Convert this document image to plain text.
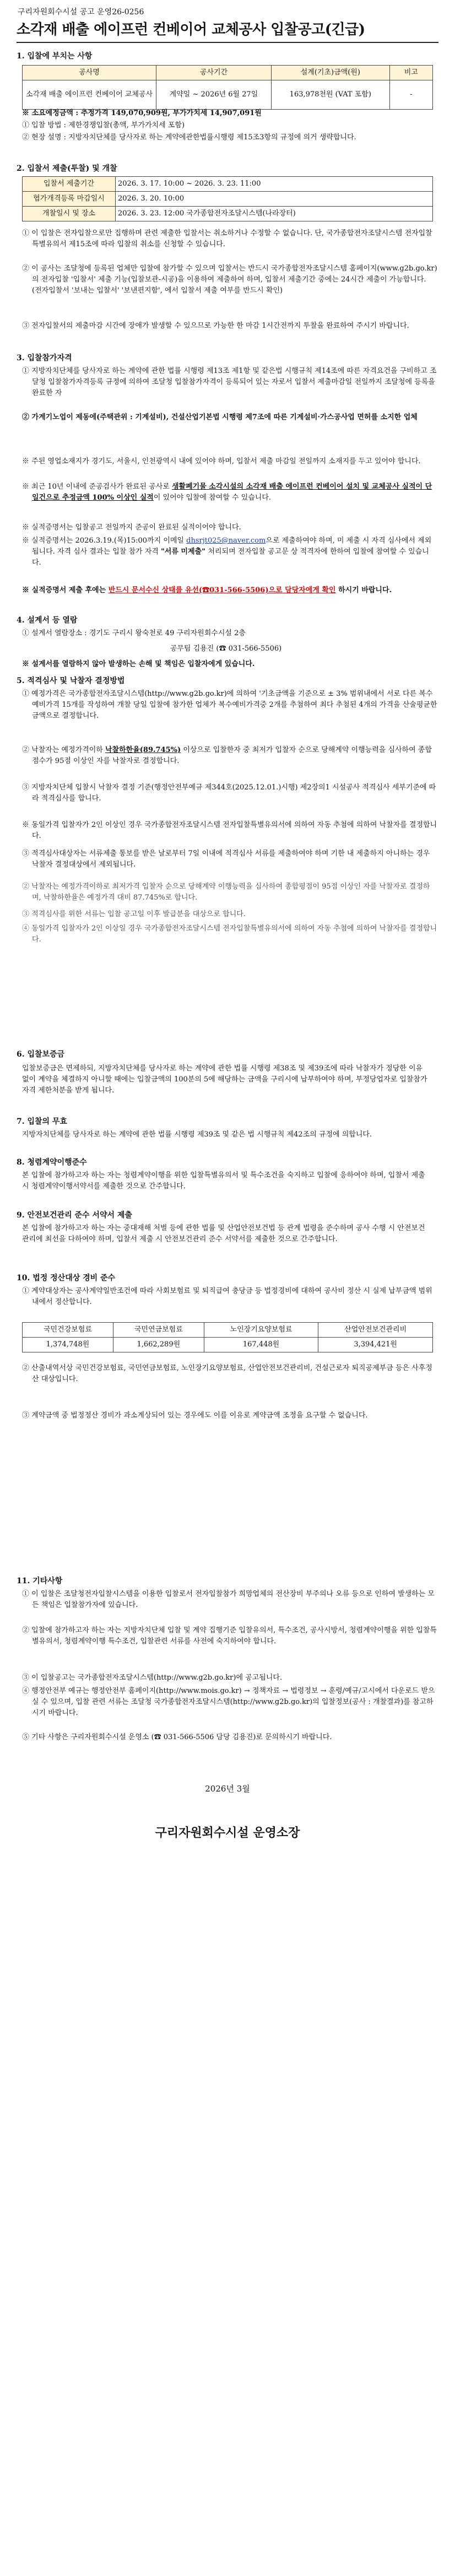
구리자원회수시설 공고 운영26-0256
소각재 배출 에이프런 컨베이어 교체공사 입찰공고(긴급)
1. 입찰에 부치는 사항
공사명	공사기간	설계(기초)금액(원)	비고
소각재 배출 에이프런 컨베이어 교체공사	계약일 ~ 2026년 6월 27일	163,978천원 (VAT 포함)	-
※ 소요예정금액 : 추정가격 149,070,909원, 부가가치세 14,907,091원
① 입찰 방법 : 제한경쟁입찰(총액, 부가가치세 포함)
② 현장 설명 : 지방자치단체를 당사자로 하는 계약에관한법률시행령 제15조3항의 규정에 의거 생략합니다.
2. 입찰서 제출(투찰) 및 개찰
입찰서 제출기간	2026. 3. 17. 10:00 ~ 2026. 3. 23. 11:00
협가개격등록 마감일시	2026. 3. 20. 10:00
개찰일시 및 장소	2026. 3. 23. 12:00 국가종합전자조달시스템(나라장터)
① 이 입찰은 전자입찰으로만 집행하며 관련 제출한 입찰서는 취소하거나 수정할 수 없습니다. 단, 국가종합전자조달시스템 전자입찰 특별유의서 제15조에 따라 입찰의 취소를 신청할 수 있습니다.
② 이 공사는 조달청에 등록된 업체만 입찰에 참가할 수 있으며 입찰서는 반드시 국가종합전자조달시스템 홈페이지(www.g2b.go.kr)의 전자입찰 '입찰서' 제출 기능(입찰보관-시공)을 이용하여 제출하여 하며, 입찰서 제출기간 중에는 24시간 제출이 가능합니다. (전자입찰서 '보내는 입찰서' '보낸편지함', 에서 입찰서 제출 여부를 반드시 확인)
③ 전자입찰서의 제출마감 시간에 장애가 발생할 수 있으므로 가능한 한 마감 1시간전까지 투찰을 완료하여 주시기 바랍니다.
3. 입찰참가자격
① 지방자치단체를 당사자로 하는 계약에 관한 법률 시행령 제13조 제1항 및 같은법 시행규칙 제14조에 따른 자격요건을 구비하고 조달청 입찰참가자격등록 규정에 의하여 조달청 입찰참가자격이 등록되어 있는 자로서 입찰서 제출마감일 전일까지 조달청에 등록을 완료한 자
② 가계기노업이 제동에(주택관위 : 기계설비), 건설산업기본법 시행령 제7조에 따른 기계설비·가스공사업 면허를 소지한 업체
※ 주된 영업소재지가 경기도, 서울시, 인천광역시 내에 있어야 하며, 입찰서 제출 마감일 전일까지 소재지를 두고 있어야 합니다.
※ 최근 10년 이내에 준공검사가 완료된 공사로 생활폐기물 소각시설의 소각재 배출 에이프런 컨베이어 설치 및 교체공사 실적이 단일건으로 추정금액 100% 이상인 실적이 있어야 입찰에 참여할 수 있습니다.
※ 실적증명서는 입찰공고 전일까지 준공이 완료된 실적이어야 합니다.
※ 실적증명서는 2026.3.19.(목)15:00까지 이메일 dhsrjt025@naver.com으로 제출하여야 하며, 미 제출 시 자격 심사에서 제외됩니다. 자격 심사 결과는 입찰 참가 자격 "서류 미제출" 처리되며 전자입찰 공고문 상 적격자에 한하여 입찰에 참여할 수 있습니다.
※ 실적증명서 제출 후에는 반드시 문서수신 상태를 유선(☎031-566-5506)으로 담당자에게 확인 하시기 바랍니다.
4. 설계서 등 열람
① 설계서 열람장소 : 경기도 구리시 왕숙천로 49 구리자원회수시설 2층
공무팀 김용진 (☎ 031-566-5506)
※ 설계서를 열람하지 않아 발생하는 손해 및 책임은 입찰자에게 있습니다.
5. 적격심사 및 낙찰자 결정방법
① 예정가격은 국가종합전자조달시스템(http://www.g2b.go.kr)에 의하여 '기초금액을 기준으로 ± 3% 범위내에서 서로 다른 복수예비가격 15개를 작성하여 개찰 당일 입찰에 참가한 업체가 복수예비가격중 2개를 추첨하여 최다 추첨된 4개의 가격을 산술평균한 금액으로 결정합니다.
② 낙찰자는 예정가격이하 낙찰하한율(89.745%) 이상으로 입찰한자 중 최저가 입찰자 순으로 당해계약 이행능력을 심사하여 종합점수가 95점 이상인 자를 낙찰자로 결정합니다.
③ 지방자치단체 입찰시 낙찰자 결정 기준(행정안전부예규 제344호(2025.12.01.)시행) 제2장의1 시설공사 적격심사 세부기준에 따라 적격심사를 합니다.
※ 동일가격 입찰자가 2인 이상인 경우 국가종합전자조달시스템 전자입찰특별유의서에 의하여 자동 추첨에 의하여 낙찰자를 결정합니다.
③ 적격심사대상자는 서류제출 통보를 받은 날로부터 7일 이내에 적격심사 서류를 제출하여야 하며 기한 내 제출하지 아니하는 경우 낙찰자 결정대상에서 제외됩니다.
② 낙찰자는 예정가격이하로 최저가격 입찰자 순으로 당해계약 이행능력을 심사하여 종합평점이 95점 이상인 자를 낙찰자로 결정하며, 낙찰하한율은 예정가격 대비 87.745%로 합니다.
③ 적격심사를 위한 서류는 입찰 공고일 이후 발급분을 대상으로 합니다.
④ 동일가격 입찰자가 2인 이상일 경우 국가종합전자조달시스템 전자입찰특별유의서에 의하여 자동 추첨에 의하여 낙찰자를 결정합니다.
6. 입찰보증금
입찰보증금은 면제하되, 지방자치단체를 당사자로 하는 계약에 관한 법률 시행령 제38조 및 제39조에 따라 낙찰자가 정당한 이유없이 계약을 체결하지 아니할 때에는 입찰금액의 100분의 5에 해당하는 금액을 구리시에 납부하여야 하며, 부정당업자로 입찰참가자격 제한처분을 받게 됩니다.
7. 입찰의 무효
지방자치단체를 당사자로 하는 계약에 관한 법률 시행령 제39조 및 같은 법 시행규칙 제42조의 규정에 의합니다.
8. 청렴계약이행준수
본 입찰에 참가하고자 하는 자는 청렴계약이행을 위한 입찰특별유의서 및 특수조건을 숙지하고 입찰에 응하여야 하며, 입찰서 제출 시 청렴계약이행서약서를 제출한 것으로 간주합니다.
9. 안전보건관리 준수 서약서 제출
본 입찰에 참가하고자 하는 자는 중대재해 처벌 등에 관한 법률 및 산업안전보건법 등 관계 법령을 준수하며 공사 수행 시 안전보건관리에 최선을 다하여야 하며, 입찰서 제출 시 안전보건관리 준수 서약서를 제출한 것으로 간주합니다.
10. 법정 정산대상 경비 준수
① 계약대상자는 공사계약일반조건에 따라 사회보험료 및 퇴직급여 충당금 등 법정경비에 대하여 공사비 정산 시 실제 납부금액 범위 내에서 정산합니다.
국민건강보험료	국민연금보험료	노인장기요양보험료	산업안전보건관리비
1,374,748원	1,662,289원	167,448원	3,394,421원
② 산출내역서상 국민건강보험료, 국민연금보험료, 노인장기요양보험료, 산업안전보건관리비, 건설근로자 퇴직공제부금 등은 사후정산 대상입니다.
③ 계약금액 중 법정정산 경비가 과소계상되어 있는 경우에도 이를 이유로 계약금액 조정을 요구할 수 없습니다.
11. 기타사항
① 이 입찰은 조달청전자입찰시스템을 이용한 입찰로서 전자입찰참가 희망업체의 전산장비 부주의나 오류 등으로 인하여 발생하는 모든 책임은 입찰참가자에 있습니다.
② 입찰에 참가하고자 하는 자는 지방자치단체 입찰 및 계약 집행기준 입찰유의서, 특수조건, 공사시방서, 청렴계약이행을 위한 입찰특별유의서, 청렴계약이행 특수조건, 입찰관련 서류를 사전에 숙지하여야 합니다.
③ 이 입찰공고는 국가종합전자조달시스템(http://www.g2b.go.kr)에 공고됩니다.
④ 행정안전부 예규는 행정안전부 홈페이지(http://www.mois.go.kr) → 정책자료 → 법령정보 → 훈령/예규/고시에서 다운로드 받으실 수 있으며, 입찰 관련 서류는 조달청 국가종합전자조달시스템(http://www.g2b.go.kr)의 입찰정보(공사 : 개찰결과)를 참고하시기 바랍니다.
⑤ 기타 사항은 구리자원회수시설 운영소 (☎ 031-566-5506 담당 김용진)로 문의하시기 바랍니다.
2026년 3월
구리자원회수시설 운영소장
